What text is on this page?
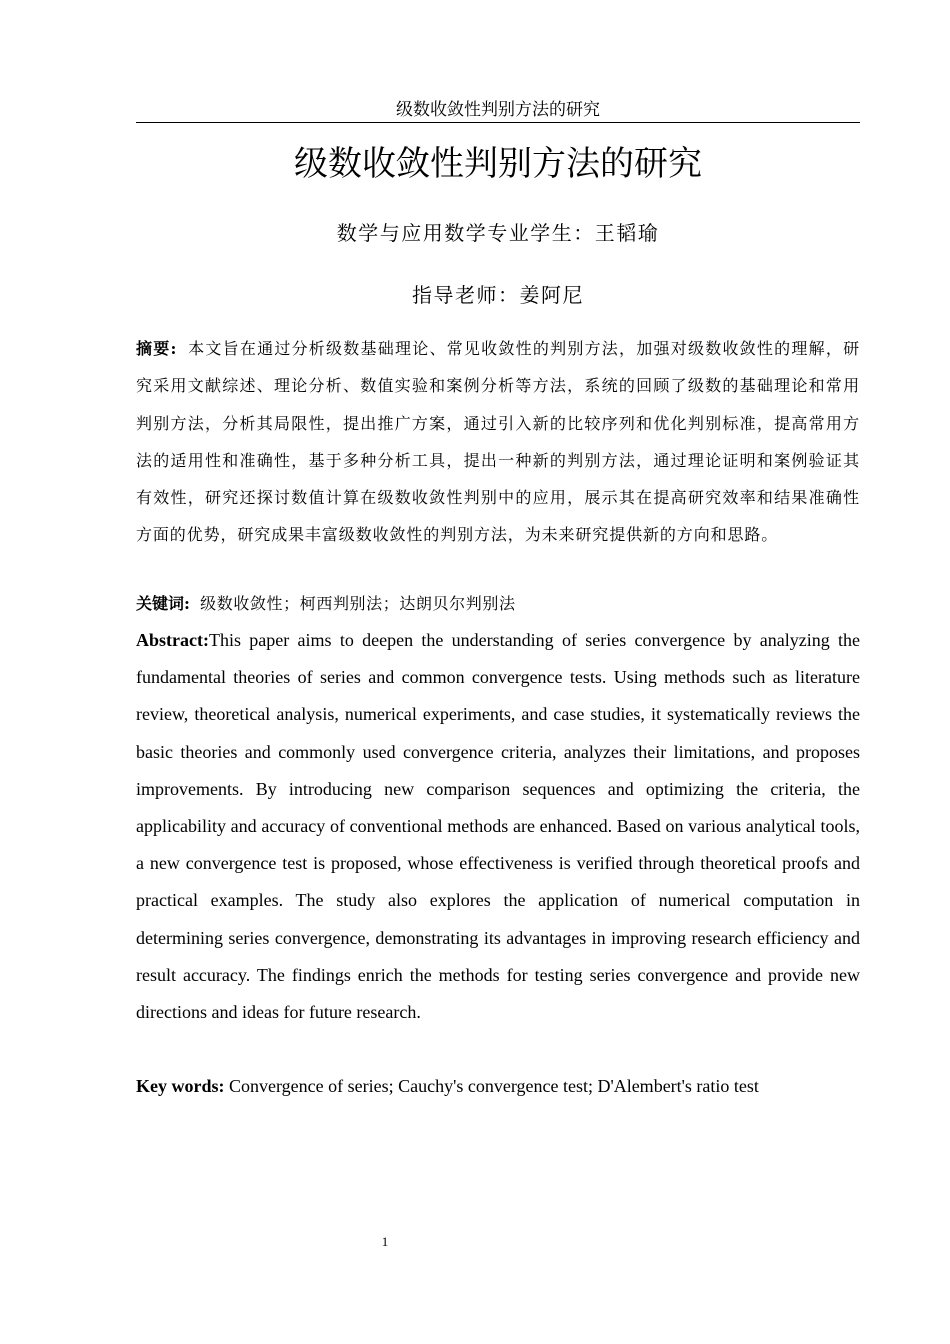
级数收敛性判别方法的研究
级数收敛性判别方法的研究
数学与应用数学专业学生：王韬瑜
指导老师：姜阿尼
摘要: 本文旨在通过分析级数基础理论、常见收敛性的判别方法，加强对级数收敛性的理解，研究采用文献综述、理论分析、数值实验和案例分析等方法，系统的回顾了级数的基础理论和常用判别方法，分析其局限性，提出推广方案，通过引入新的比较序列和优化判别标准，提高常用方法的适用性和准确性，基于多种分析工具，提出一种新的判别方法，通过理论证明和案例验证其有效性，研究还探讨数值计算在级数收敛性判别中的应用，展示其在提高研究效率和结果准确性方面的优势，研究成果丰富级数收敛性的判别方法，为未来研究提供新的方向和思路。
关键词: 级数收敛性；柯西判别法；达朗贝尔判别法
Abstract:This paper aims to deepen the understanding of series convergence by analyzing the fundamental theories of series and common convergence tests. Using methods such as literature review, theoretical analysis, numerical experiments, and case studies, it systematically reviews the basic theories and commonly used convergence criteria, analyzes their limitations, and proposes improvements. By introducing new comparison sequences and optimizing the criteria, the applicability and accuracy of conventional methods are enhanced. Based on various analytical tools, a new convergence test is proposed, whose effectiveness is verified through theoretical proofs and practical examples. The study also explores the application of numerical computation in determining series convergence, demonstrating its advantages in improving research efficiency and result accuracy. The findings enrich the methods for testing series convergence and provide new directions and ideas for future research.
Key words: Convergence of series; Cauchy's convergence test; D'Alembert's ratio test
1
